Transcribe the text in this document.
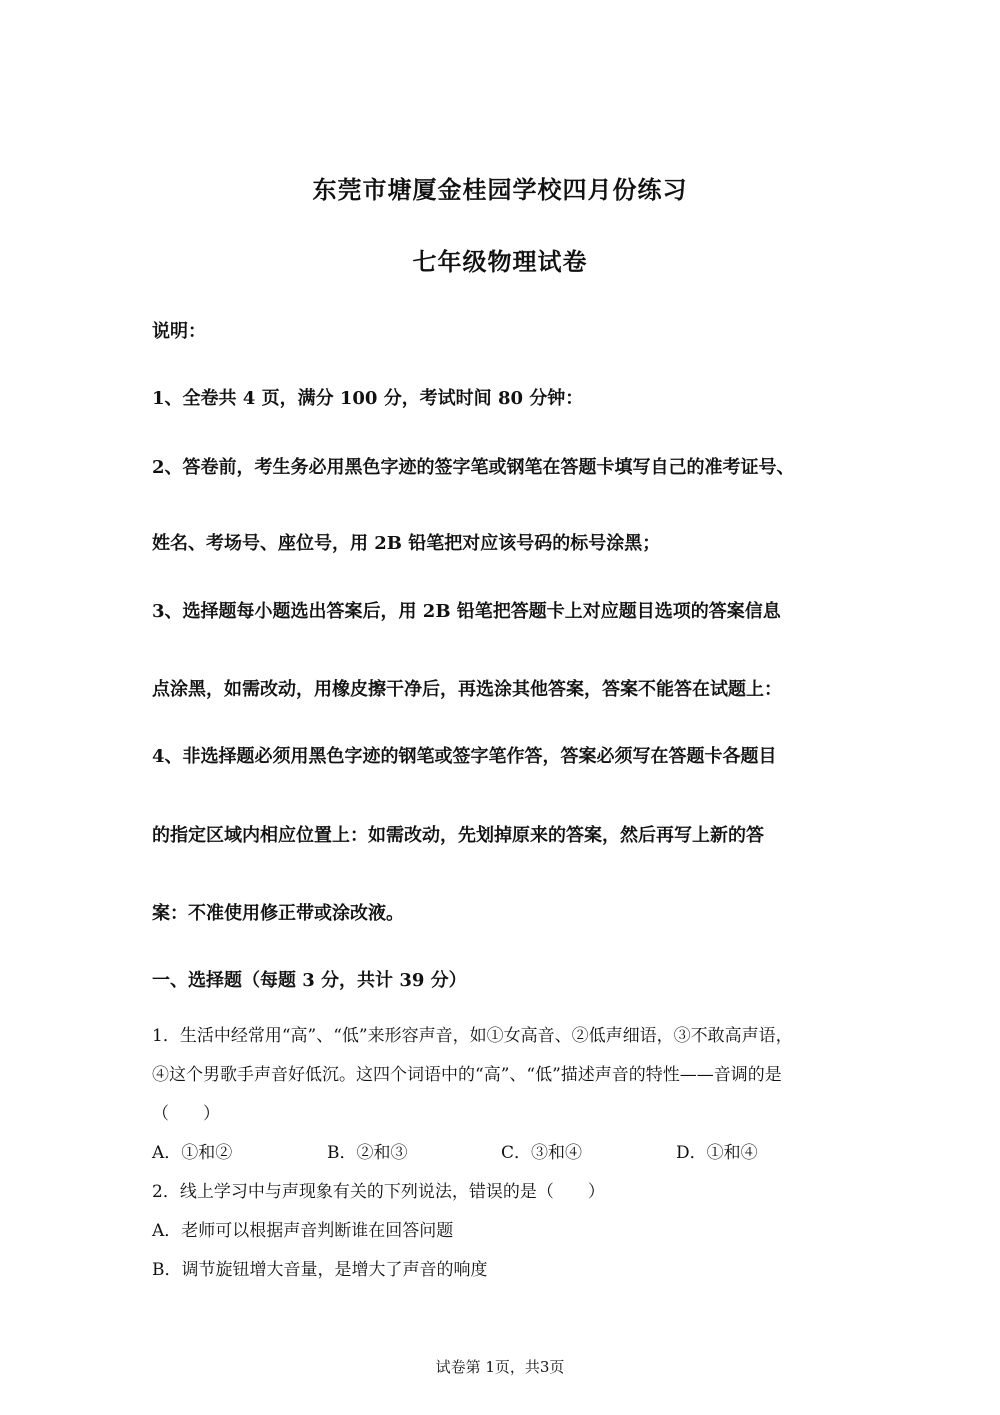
东莞市塘厦金桂园学校四月份练习
七年级物理试卷
说明：
1、全卷共 4 页，满分 100 分，考试时间 80 分钟：
2、答卷前，考生务必用黑色字迹的签字笔或钢笔在答题卡填写自己的准考证号、
姓名、考场号、座位号，用 2B 铅笔把对应该号码的标号涂黑；
3、选择题每小题选出答案后，用 2B 铅笔把答题卡上对应题目选项的答案信息
点涂黑，如需改动，用橡皮擦干净后，再选涂其他答案，答案不能答在试题上：
4、非选择题必须用黑色字迹的钢笔或签字笔作答，答案必须写在答题卡各题目
的指定区域内相应位置上：如需改动，先划掉原来的答案，然后再写上新的答
案：不准使用修正带或涂改液。
一、选择题（每题 3 分，共计 39 分）
1．生活中经常用“高”、“低”来形容声音，如①女高音、②低声细语，③不敢高声语，
④这个男歌手声音好低沉。这四个词语中的“高”、“低”描述声音的特性——音调的是
（　　）
A．①和②	B．②和③	C．③和④	D．①和④
2．线上学习中与声现象有关的下列说法，错误的是（　　）
A．老师可以根据声音判断谁在回答问题
B．调节旋钮增大音量，是增大了声音的响度
试卷第 1页，共3页
